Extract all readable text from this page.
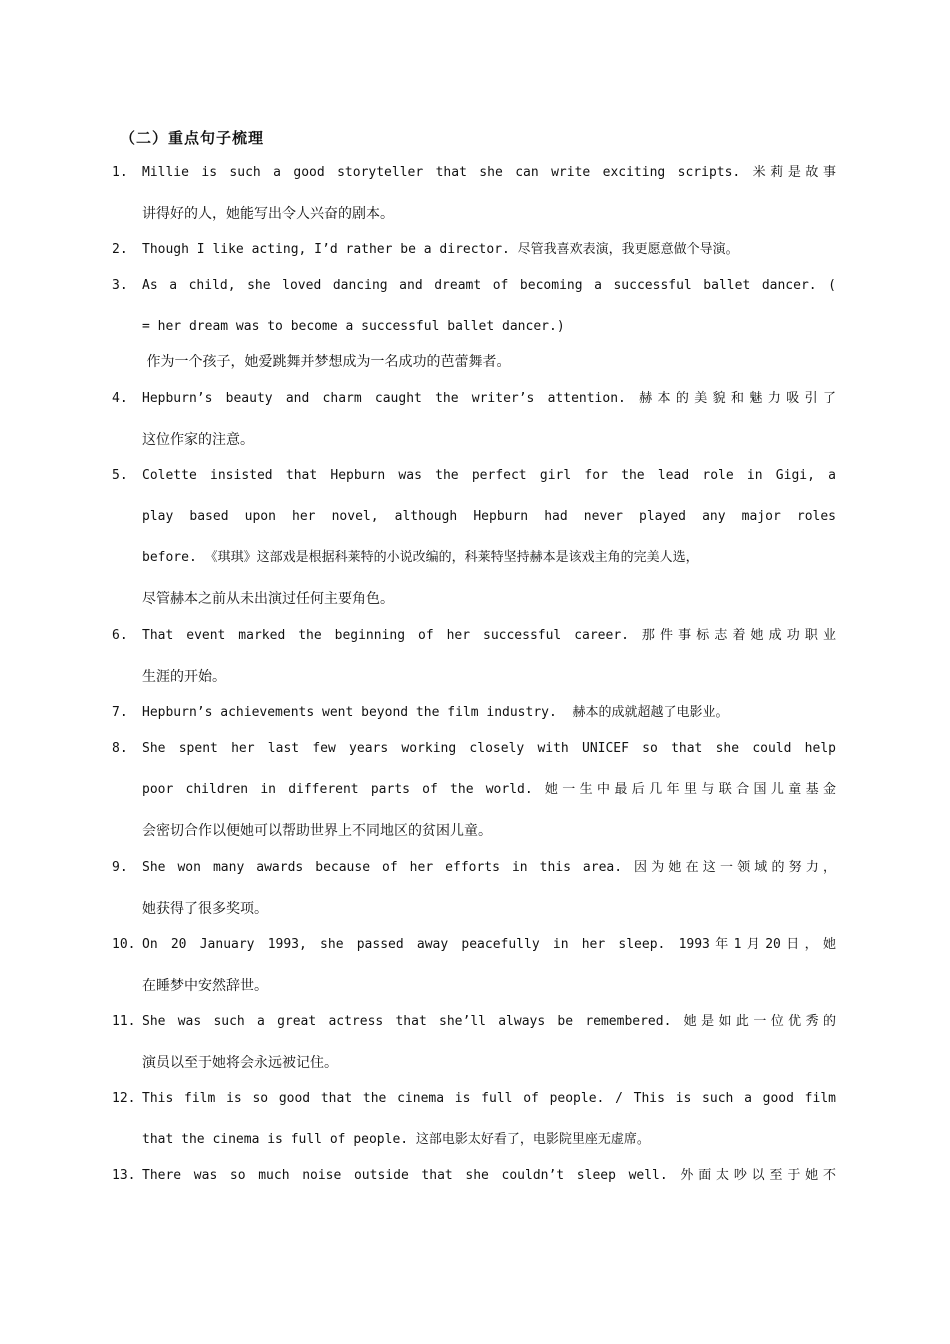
（二）重点句子梳理
1. Millie is such a good storyteller that she can write exciting scripts. 米莉是故事
讲得好的人，她能写出令人兴奋的剧本。
2. Though I like acting, I’d rather be a director. 尽管我喜欢表演，我更愿意做个导演。
3. As a child, she loved dancing and dreamt of becoming a successful ballet dancer. (
= her dream was to become a successful ballet dancer.)
作为一个孩子，她爱跳舞并梦想成为一名成功的芭蕾舞者。
4. Hepburn’s beauty and charm caught the writer’s attention. 赫本的美貌和魅力吸引了
这位作家的注意。
5. Colette insisted that Hepburn was the perfect girl for the lead role in Gigi, a
play based upon her novel, although Hepburn had never played any major roles
before. 《琪琪》这部戏是根据科莱特的小说改编的，科莱特坚持赫本是该戏主角的完美人选，
尽管赫本之前从未出演过任何主要角色。
6. That event marked the beginning of her successful career. 那件事标志着她成功职业
生涯的开始。
7. Hepburn’s achievements went beyond the film industry.  赫本的成就超越了电影业。
8. She spent her last few years working closely with UNICEF so that she could help
poor children in different parts of the world. 她一生中最后几年里与联合国儿童基金
会密切合作以便她可以帮助世界上不同地区的贫困儿童。
9. She won many awards because of her efforts in this area. 因为她在这一领域的努力，
她获得了很多奖项。
10. On 20 January 1993, she passed away peacefully in her sleep. 1993年1月20日，她
在睡梦中安然辞世。
11. She was such a great actress that she’ll always be remembered. 她是如此一位优秀的
演员以至于她将会永远被记住。
12. This film is so good that the cinema is full of people. / This is such a good film
that the cinema is full of people. 这部电影太好看了，电影院里座无虚席。
13. There was so much noise outside that she couldn’t sleep well. 外面太吵以至于她不
